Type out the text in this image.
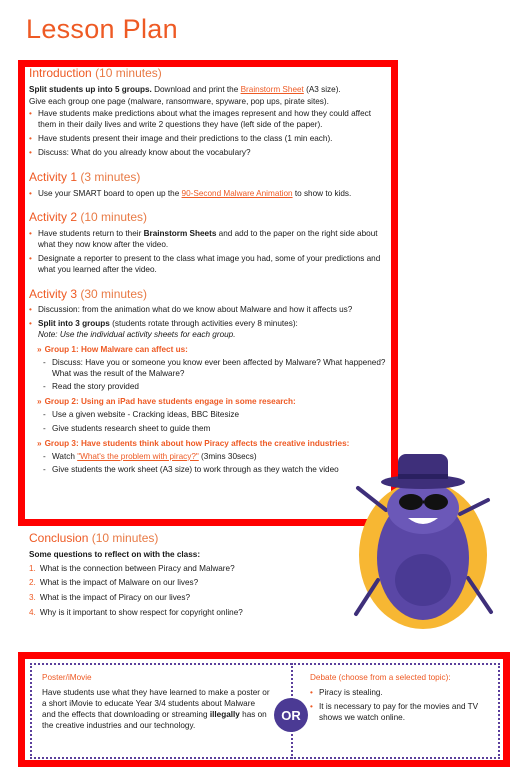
Lesson Plan
Introduction (10 minutes)

Split students up into 5 groups. Download and print the Brainstorm Sheet (A3 size).

Give each group one page (malware, ransomware, spyware, pop ups, pirate sites).

• Have students make predictions about what the images represent and how they could affect them in their daily lives and write 2 questions they have (left side of the paper).
• Have students present their image and their predictions to the class (1 min each).
• Discuss: What do you already know about the vocabulary?
Activity 1 (3 minutes)
• Use your SMART board to open up the 90-Second Malware Animation to show to kids.
Activity 2 (10 minutes)
• Have students return to their Brainstorm Sheets and add to the paper on the right side about what they now know after the video.
• Designate a reporter to present to the class what image you had, some of your predictions and what you learned after the video.
Activity 3 (30 minutes)
• Discussion: from the animation what do we know about Malware and how it affects us?
• Split into 3 groups (students rotate through activities every 8 minutes):
Note: Use the individual activity sheets for each group.
» Group 1: How Malware can affect us:
- Discuss: Have you or someone you know ever been affected by Malware? What happened? What was the result of the Malware?
- Read the story provided
» Group 2: Using an iPad have students engage in some research:
- Use a given website - Cracking ideas, BBC Bitesize
- Give students research sheet to guide them
» Group 3: Have students think about how Piracy affects the creative industries:
- Watch "What's the problem with piracy?" (3mins 30secs)
- Give students the work sheet (A3 size) to work through as they watch the video
Conclusion (10 minutes)

Some questions to reflect on with the class:

1. What is the connection between Piracy and Malware?
2. What is the impact of Malware on our lives?
3. What is the impact of Piracy on our lives?
4. Why is it important to show respect for copyright online?
Poster/iMovie
Have students use what they have learned to make a poster or a short iMovie to educate Year 3/4 students about Malware and the effects that downloading or streaming illegally has on the creative industries and our technology.
OR
Debate (choose from a selected topic):
• Piracy is stealing.
• It is necessary to pay for the movies and TV shows we watch online.
